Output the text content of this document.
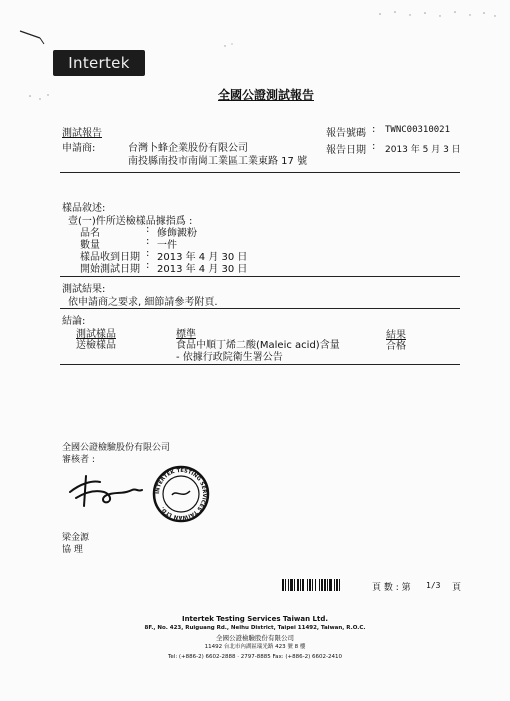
Intertek
全國公證測試報告
測試報告
申請商:	台灣卜蜂企業股份有限公司
南投縣南投市南崗工業區工業東路 17 號
報告號碼 : TWNC00310021
報告日期 : 2013 年 5 月 3 日
樣品敘述:
壹(一)件所送檢樣品據指爲 :
品名	: 修飾澱粉
數量	: 一件
樣品收到日期 : 2013 年 4 月 30 日
開始測試日期 : 2013 年 4 月 30 日
測試結果:
依申請商之要求, 細節請參考附頁.
結論:
測試樣品	標準	結果
送檢樣品	食品中順丁烯二酸(Maleic acid)含量
- 依據行政院衛生署公告
合格
全國公證檢驗股份有限公司
審核者 :
INTERTEK TESTING SERVICES TAIWAN LTD.
梁金源
協 理
頁 數 : 第 1/3 頁
Intertek Testing Services Taiwan Ltd.
8F., No. 423, Ruiguang Rd., Neihu District, Taipei 11492, Taiwan, R.O.C.
全國公證檢驗股份有限公司
11492 台北市內湖區瑞光路 423 號 8 樓
Tel: (+886-2) 6602-2888 · 2797-8885 Fax: (+886-2) 6602-2410
